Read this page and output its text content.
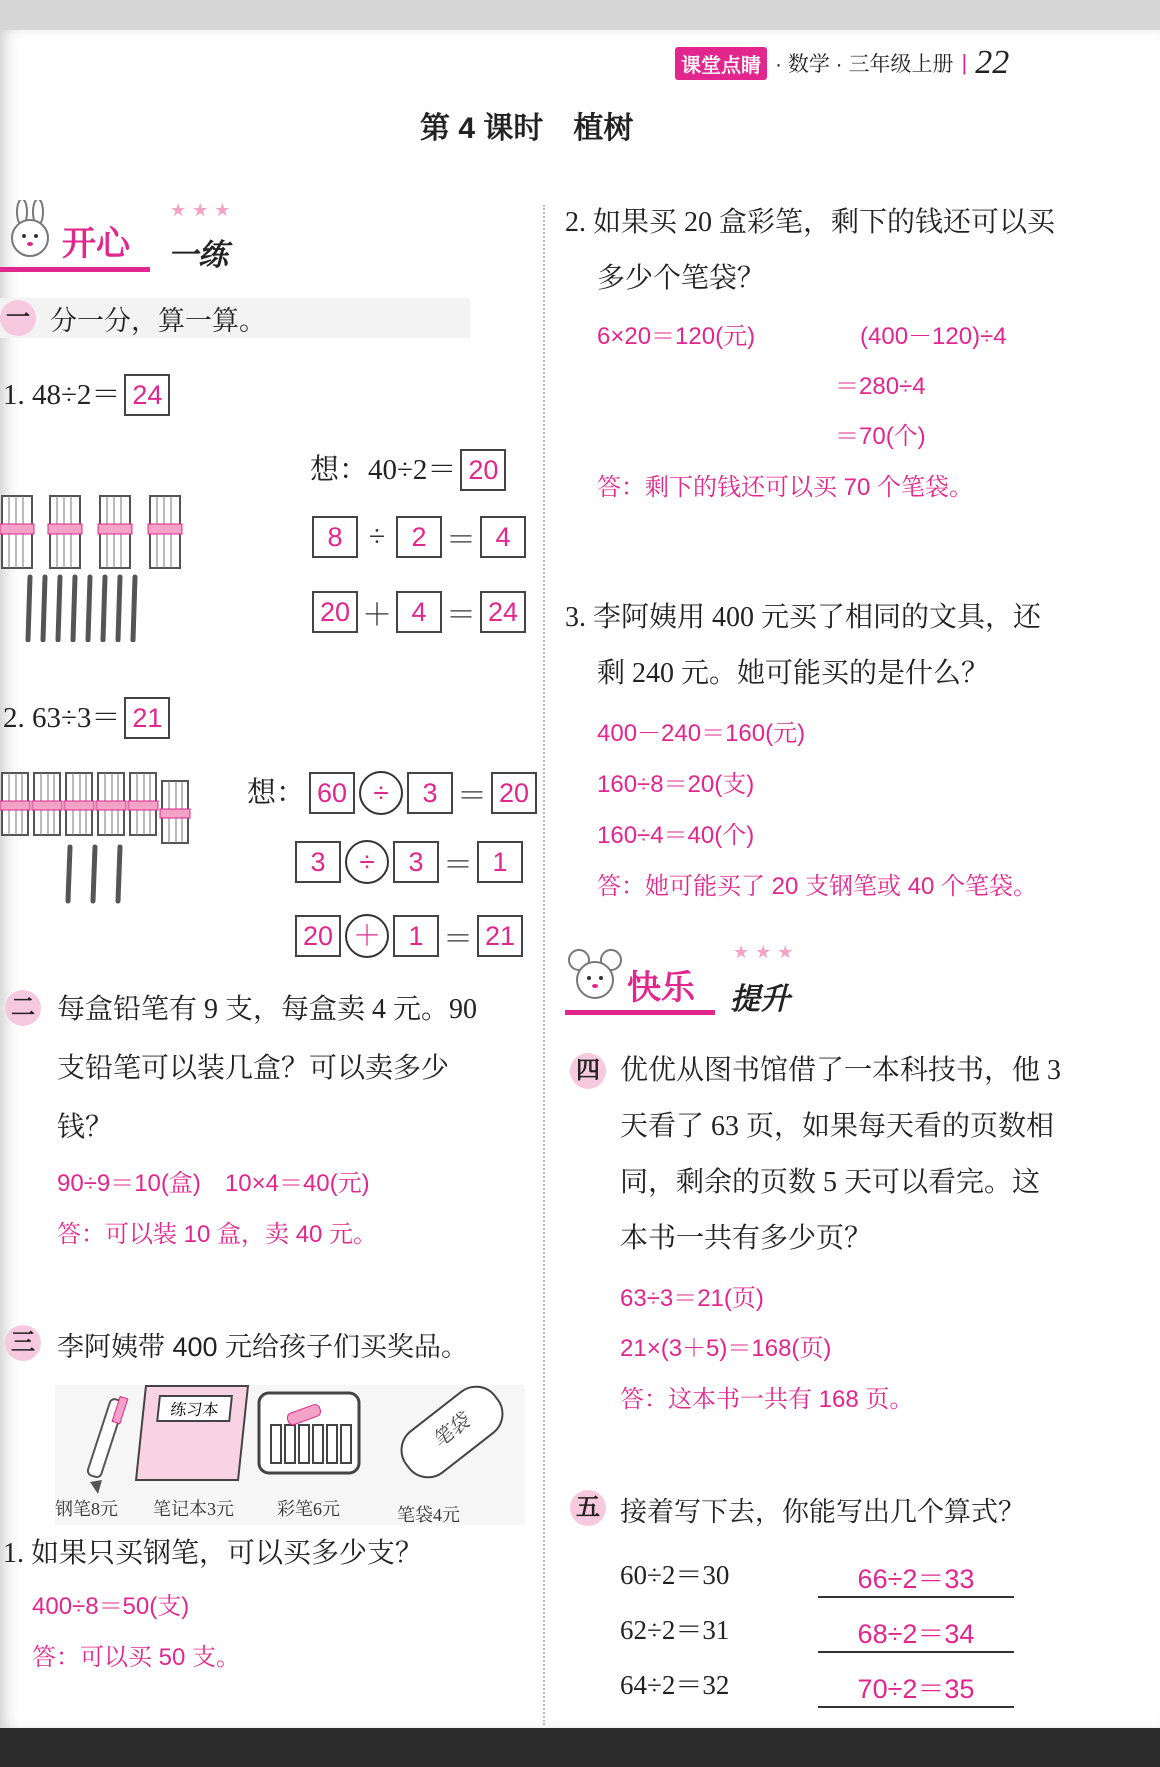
课堂点睛 · 数学 · 三年级上册 | 22
第 4 课时　植树
开心 一练
★★★
一 分一分，算一算。
1. 48÷2＝ 24
想：40÷2＝ 20
8 ÷ 2 ＝ 4
20 ＋ 4 ＝ 24
2. 63÷3＝ 21
想： 60 ÷	3 ＝ 20
3	÷	3 ＝ 1
20 ＋	1 ＝ 21
二 每盒铅笔有 9 支，每盒卖 4 元。90
支铅笔可以装几盒？可以卖多少
钱？
90÷9＝10(盒)　10×4＝40(元)
答：可以装 10 盒，卖 40 元。
三 李阿姨带 400 元给孩子们买奖品。
练习本	笔袋
钢笔8元 笔记本3元 彩笔6元	笔袋4元
1. 如果只买钢笔，可以买多少支？
400÷8＝50(支)
答：可以买 50 支。
2. 如果买 20 盒彩笔，剩下的钱还可以买
多少个笔袋？
6×20＝120(元)	(400－120)÷4
＝280÷4
＝70(个)
答：剩下的钱还可以买 70 个笔袋。
3. 李阿姨用 400 元买了相同的文具，还
剩 240 元。她可能买的是什么？
400－240＝160(元)
160÷8＝20(支)
160÷4＝40(个)
答：她可能买了 20 支钢笔或 40 个笔袋。
快乐 提升
★★★
四 优优从图书馆借了一本科技书，他 3
天看了 63 页，如果每天看的页数相
同，剩余的页数 5 天可以看完。这
本书一共有多少页？
63÷3＝21(页)
21×(3＋5)＝168(页)
答：这本书一共有 168 页。
五 接着写下去，你能写出几个算式？
60÷2＝30
62÷2＝31
64÷2＝32
66÷2＝33
68÷2＝34
70÷2＝35
